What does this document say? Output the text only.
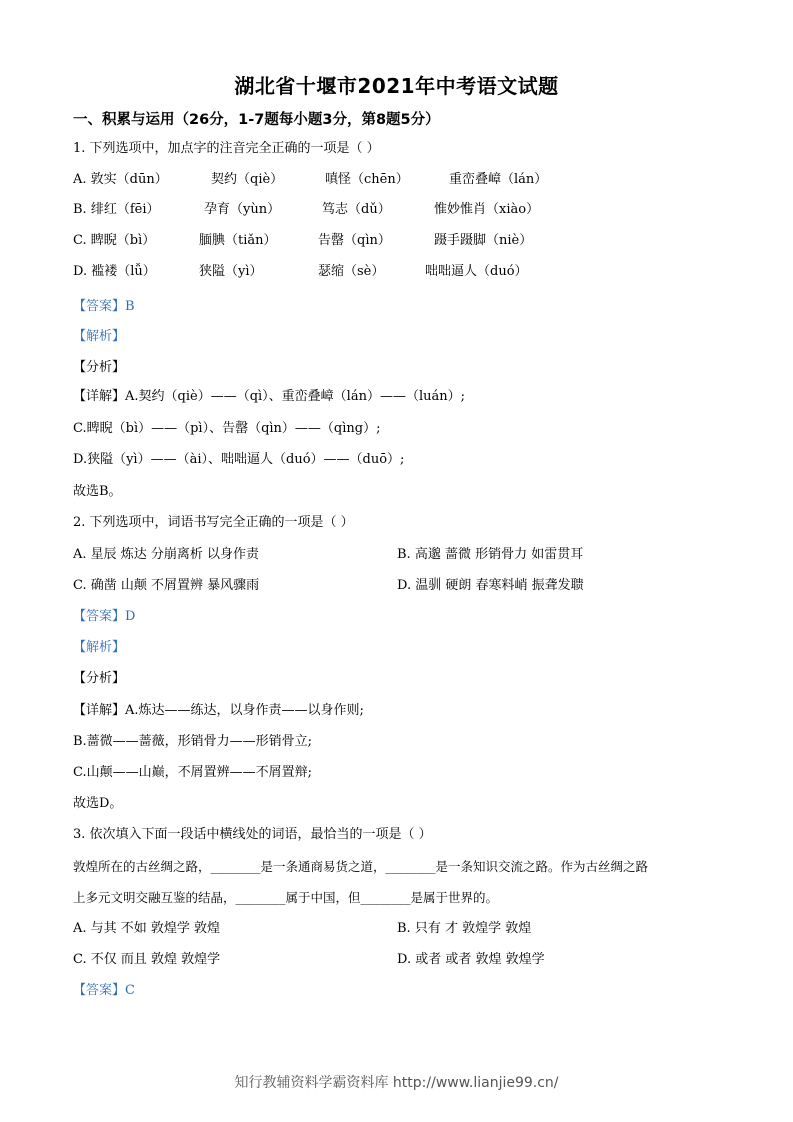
湖北省十堰市2021年中考语文试题
一、积累与运用（26分，1-7题每小题3分，第8题5分）
1. 下列选项中，加点字的注音完全正确的一项是（ ）
A. 敦实（dūn）	契约（qiè）	嗔怪（chēn）	重峦叠嶂（lán）
B. 绯红（fēi）	孕育（yùn）	笃志（dǔ）	惟妙惟肖（xiào）
C. 睥睨（bì）	腼腆（tiǎn）	告罄（qìn）	蹑手蹑脚（niè）
D. 褴褛（lǚ）	狭隘（yì）	瑟缩（sè）	咄咄逼人（duó）
【答案】B
【解析】
【分析】
【详解】A.契约（qiè）——（qì）、重峦叠嶂（lán）——（luán）;
C.睥睨（bì）——（pì）、告罄（qìn）——（qìng）;
D.狭隘（yì）——（ài）、咄咄逼人（duó）——（duō）;
故选B。
2. 下列选项中，词语书写完全正确的一项是（ ）
A. 星辰 炼达 分崩离析 以身作责	B. 高邈 蔷微 形销骨力 如雷贯耳
C. 确凿 山颠 不屑置辨 暴风骤雨	D. 温驯 硬朗 春寒料峭 振聋发聩
【答案】D
【解析】
【分析】
【详解】A.炼达——练达，以身作责——以身作则;
B.蔷微——蔷薇，形销骨力——形销骨立;
C.山颠——山巅，不屑置辨——不屑置辩;
故选D。
3. 依次填入下面一段话中横线处的词语，最恰当的一项是（ ）
敦煌所在的古丝绸之路，________是一条通商易货之道，________是一条知识交流之路。作为古丝绸之路
上多元文明交融互鉴的结晶，________属于中国，但________是属于世界的。
A. 与其 不如 敦煌学 敦煌	B. 只有 才 敦煌学 敦煌
C. 不仅 而且 敦煌 敦煌学	D. 或者 或者 敦煌 敦煌学
【答案】C
知行教辅资料学霸资料库 http://www.lianjie99.cn/
